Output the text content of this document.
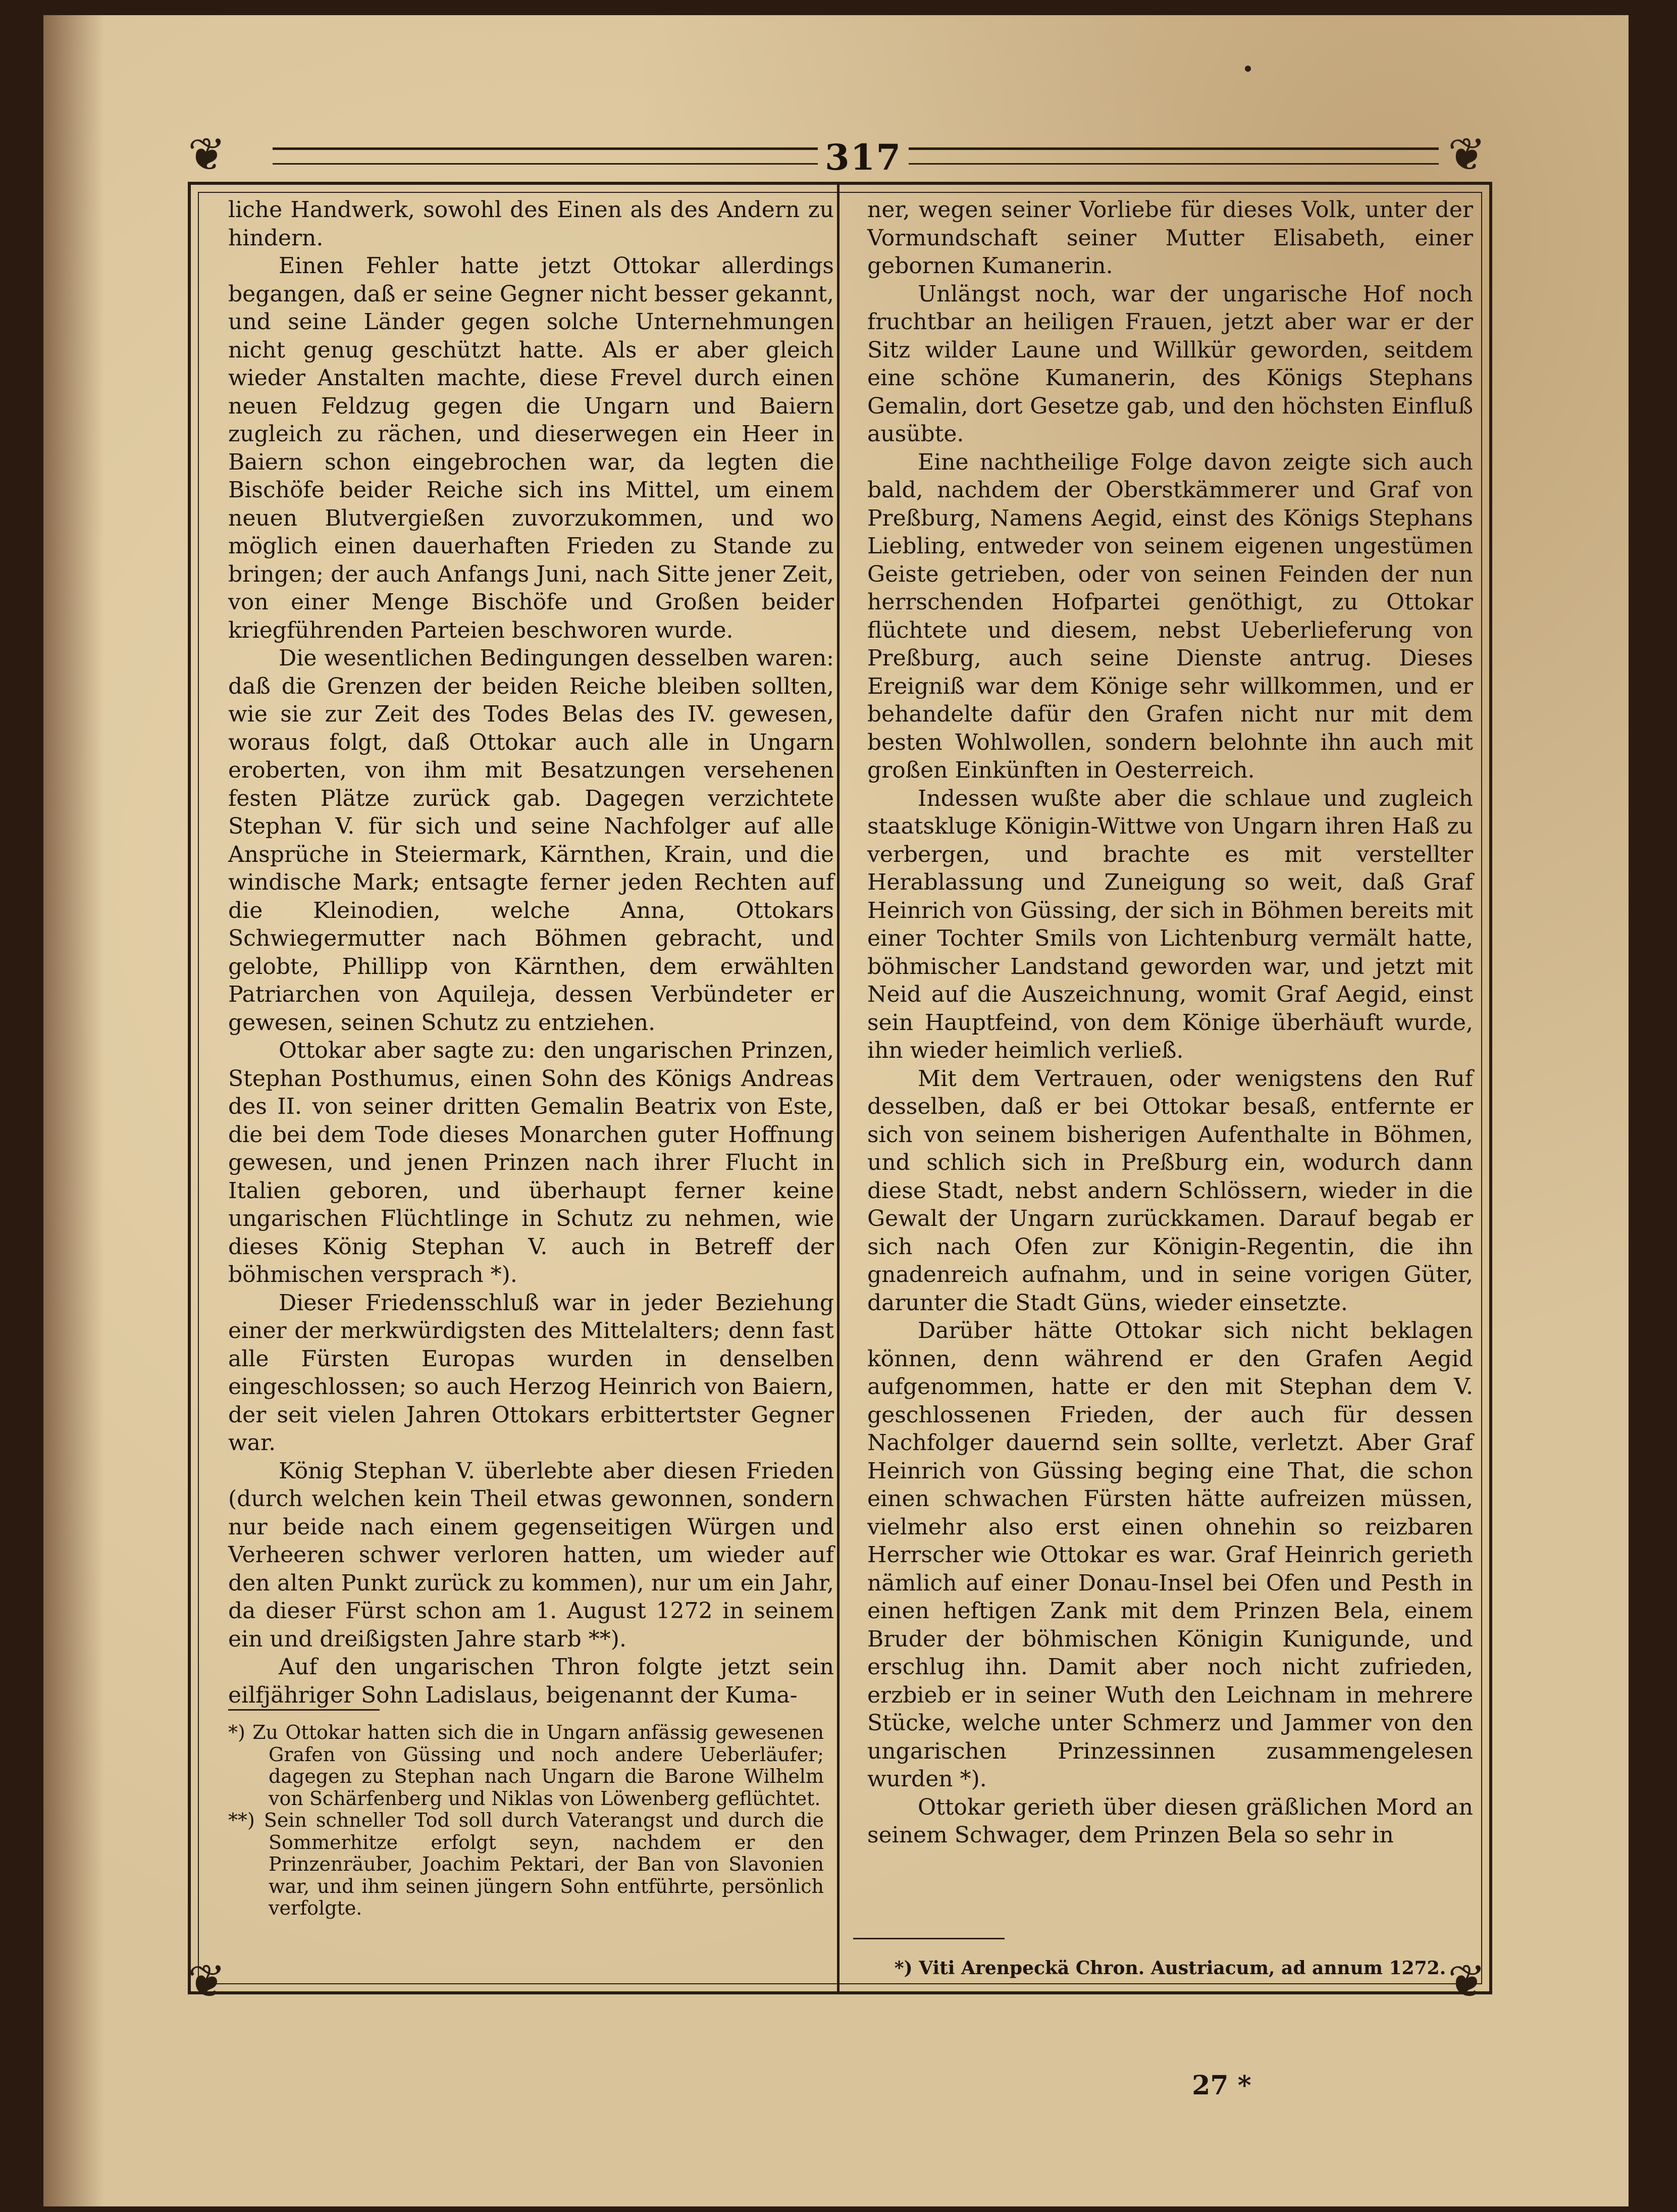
317
❦	❦
❦	❦

liche Handwerk, sowohl des Einen als des Andern zu hindern.

Einen Fehler hatte jetzt Ottokar allerdings begangen, daß er seine Gegner nicht besser gekannt, und seine Länder gegen solche Unternehmungen nicht genug geschützt hatte. Als er aber gleich wieder Anstalten machte, diese Frevel durch einen neuen Feldzug gegen die Ungarn und Baiern zugleich zu rächen, und dieserwegen ein Heer in Baiern schon eingebrochen war, da legten die Bischöfe beider Reiche sich ins Mittel, um einem neuen Blutvergießen zuvorzukommen, und wo möglich einen dauerhaften Frieden zu Stande zu bringen; der auch Anfangs Juni, nach Sitte jener Zeit, von einer Menge Bischöfe und Großen beider kriegführenden Parteien beschworen wurde.

Die wesentlichen Bedingungen desselben waren: daß die Grenzen der beiden Reiche bleiben sollten, wie sie zur Zeit des Todes Belas des IV. gewesen, woraus folgt, daß Ottokar auch alle in Ungarn eroberten, von ihm mit Besatzungen versehenen festen Plätze zurück gab. Dagegen verzichtete Stephan V. für sich und seine Nachfolger auf alle Ansprüche in Steiermark, Kärnthen, Krain, und die windische Mark; entsagte ferner jeden Rechten auf die Kleinodien, welche Anna, Ottokars Schwiegermutter nach Böhmen gebracht, und gelobte, Phillipp von Kärnthen, dem erwählten Patriarchen von Aquileja, dessen Verbündeter er gewesen, seinen Schutz zu entziehen.

Ottokar aber sagte zu: den ungarischen Prinzen, Stephan Posthumus, einen Sohn des Königs Andreas des II. von seiner dritten Gemalin Beatrix von Este, die bei dem Tode dieses Monarchen guter Hoffnung gewesen, und jenen Prinzen nach ihrer Flucht in Italien geboren, und überhaupt ferner keine ungarischen Flüchtlinge in Schutz zu nehmen, wie dieses König Stephan V. auch in Betreff der böhmischen versprach *).

Dieser Friedensschluß war in jeder Beziehung einer der merkwürdigsten des Mittelalters; denn fast alle Fürsten Europas wurden in denselben eingeschlossen; so auch Herzog Heinrich von Baiern, der seit vielen Jahren Ottokars erbittertster Gegner war.

König Stephan V. überlebte aber diesen Frieden (durch welchen kein Theil etwas gewonnen, sondern nur beide nach einem gegenseitigen Würgen und Verheeren schwer verloren hatten, um wieder auf den alten Punkt zurück zu kommen), nur um ein Jahr, da dieser Fürst schon am 1. August 1272 in seinem ein und dreißigsten Jahre starb **).

Auf den ungarischen Thron folgte jetzt sein eilfjähriger Sohn Ladislaus, beigenannt der Kuma-

*) Zu Ottokar hatten sich die in Ungarn anfässig gewesenen Grafen von Güssing und noch andere Ueberläufer; dagegen zu Stephan nach Ungarn die Barone Wilhelm von Schärfenberg und Niklas von Löwenberg geflüchtet.

**) Sein schneller Tod soll durch Vaterangst und durch die Sommerhitze erfolgt seyn, nachdem er den Prinzenräuber, Joachim Pektari, der Ban von Slavonien war, und ihm seinen jüngern Sohn entführte, persönlich verfolgte.

ner, wegen seiner Vorliebe für dieses Volk, unter der Vormundschaft seiner Mutter Elisabeth, einer gebornen Kumanerin.

Unlängst noch, war der ungarische Hof noch fruchtbar an heiligen Frauen, jetzt aber war er der Sitz wilder Laune und Willkür geworden, seitdem eine schöne Kumanerin, des Königs Stephans Gemalin, dort Gesetze gab, und den höchsten Einfluß ausübte.

Eine nachtheilige Folge davon zeigte sich auch bald, nachdem der Oberstkämmerer und Graf von Preßburg, Namens Aegid, einst des Königs Stephans Liebling, entweder von seinem eigenen ungestümen Geiste getrieben, oder von seinen Feinden der nun herrschenden Hofpartei genöthigt, zu Ottokar flüchtete und diesem, nebst Ueberlieferung von Preßburg, auch seine Dienste antrug. Dieses Ereigniß war dem Könige sehr willkommen, und er behandelte dafür den Grafen nicht nur mit dem besten Wohlwollen, sondern belohnte ihn auch mit großen Einkünften in Oesterreich.

Indessen wußte aber die schlaue und zugleich staatskluge Königin-Wittwe von Ungarn ihren Haß zu verbergen, und brachte es mit verstellter Herablassung und Zuneigung so weit, daß Graf Heinrich von Güssing, der sich in Böhmen bereits mit einer Tochter Smils von Lichtenburg vermält hatte, böhmischer Landstand geworden war, und jetzt mit Neid auf die Auszeichnung, womit Graf Aegid, einst sein Hauptfeind, von dem Könige überhäuft wurde, ihn wieder heimlich verließ.

Mit dem Vertrauen, oder wenigstens den Ruf desselben, daß er bei Ottokar besaß, entfernte er sich von seinem bisherigen Aufenthalte in Böhmen, und schlich sich in Preßburg ein, wodurch dann diese Stadt, nebst andern Schlössern, wieder in die Gewalt der Ungarn zurückkamen. Darauf begab er sich nach Ofen zur Königin-Regentin, die ihn gnadenreich aufnahm, und in seine vorigen Güter, darunter die Stadt Güns, wieder einsetzte.

Darüber hätte Ottokar sich nicht beklagen können, denn während er den Grafen Aegid aufgenommen, hatte er den mit Stephan dem V. geschlossenen Frieden, der auch für dessen Nachfolger dauernd sein sollte, verletzt. Aber Graf Heinrich von Güssing beging eine That, die schon einen schwachen Fürsten hätte aufreizen müssen, vielmehr also erst einen ohnehin so reizbaren Herrscher wie Ottokar es war. Graf Heinrich gerieth nämlich auf einer Donau-Insel bei Ofen und Pesth in einen heftigen Zank mit dem Prinzen Bela, einem Bruder der böhmischen Königin Kunigunde, und erschlug ihn. Damit aber noch nicht zufrieden, erzbieb er in seiner Wuth den Leichnam in mehrere Stücke, welche unter Schmerz und Jammer von den ungarischen Prinzessinnen zusammengelesen wurden *).

Ottokar gerieth über diesen gräßlichen Mord an seinem Schwager, dem Prinzen Bela so sehr in

*) Viti Arenpeckä Chron. Austriacum, ad annum 1272.
27 *
